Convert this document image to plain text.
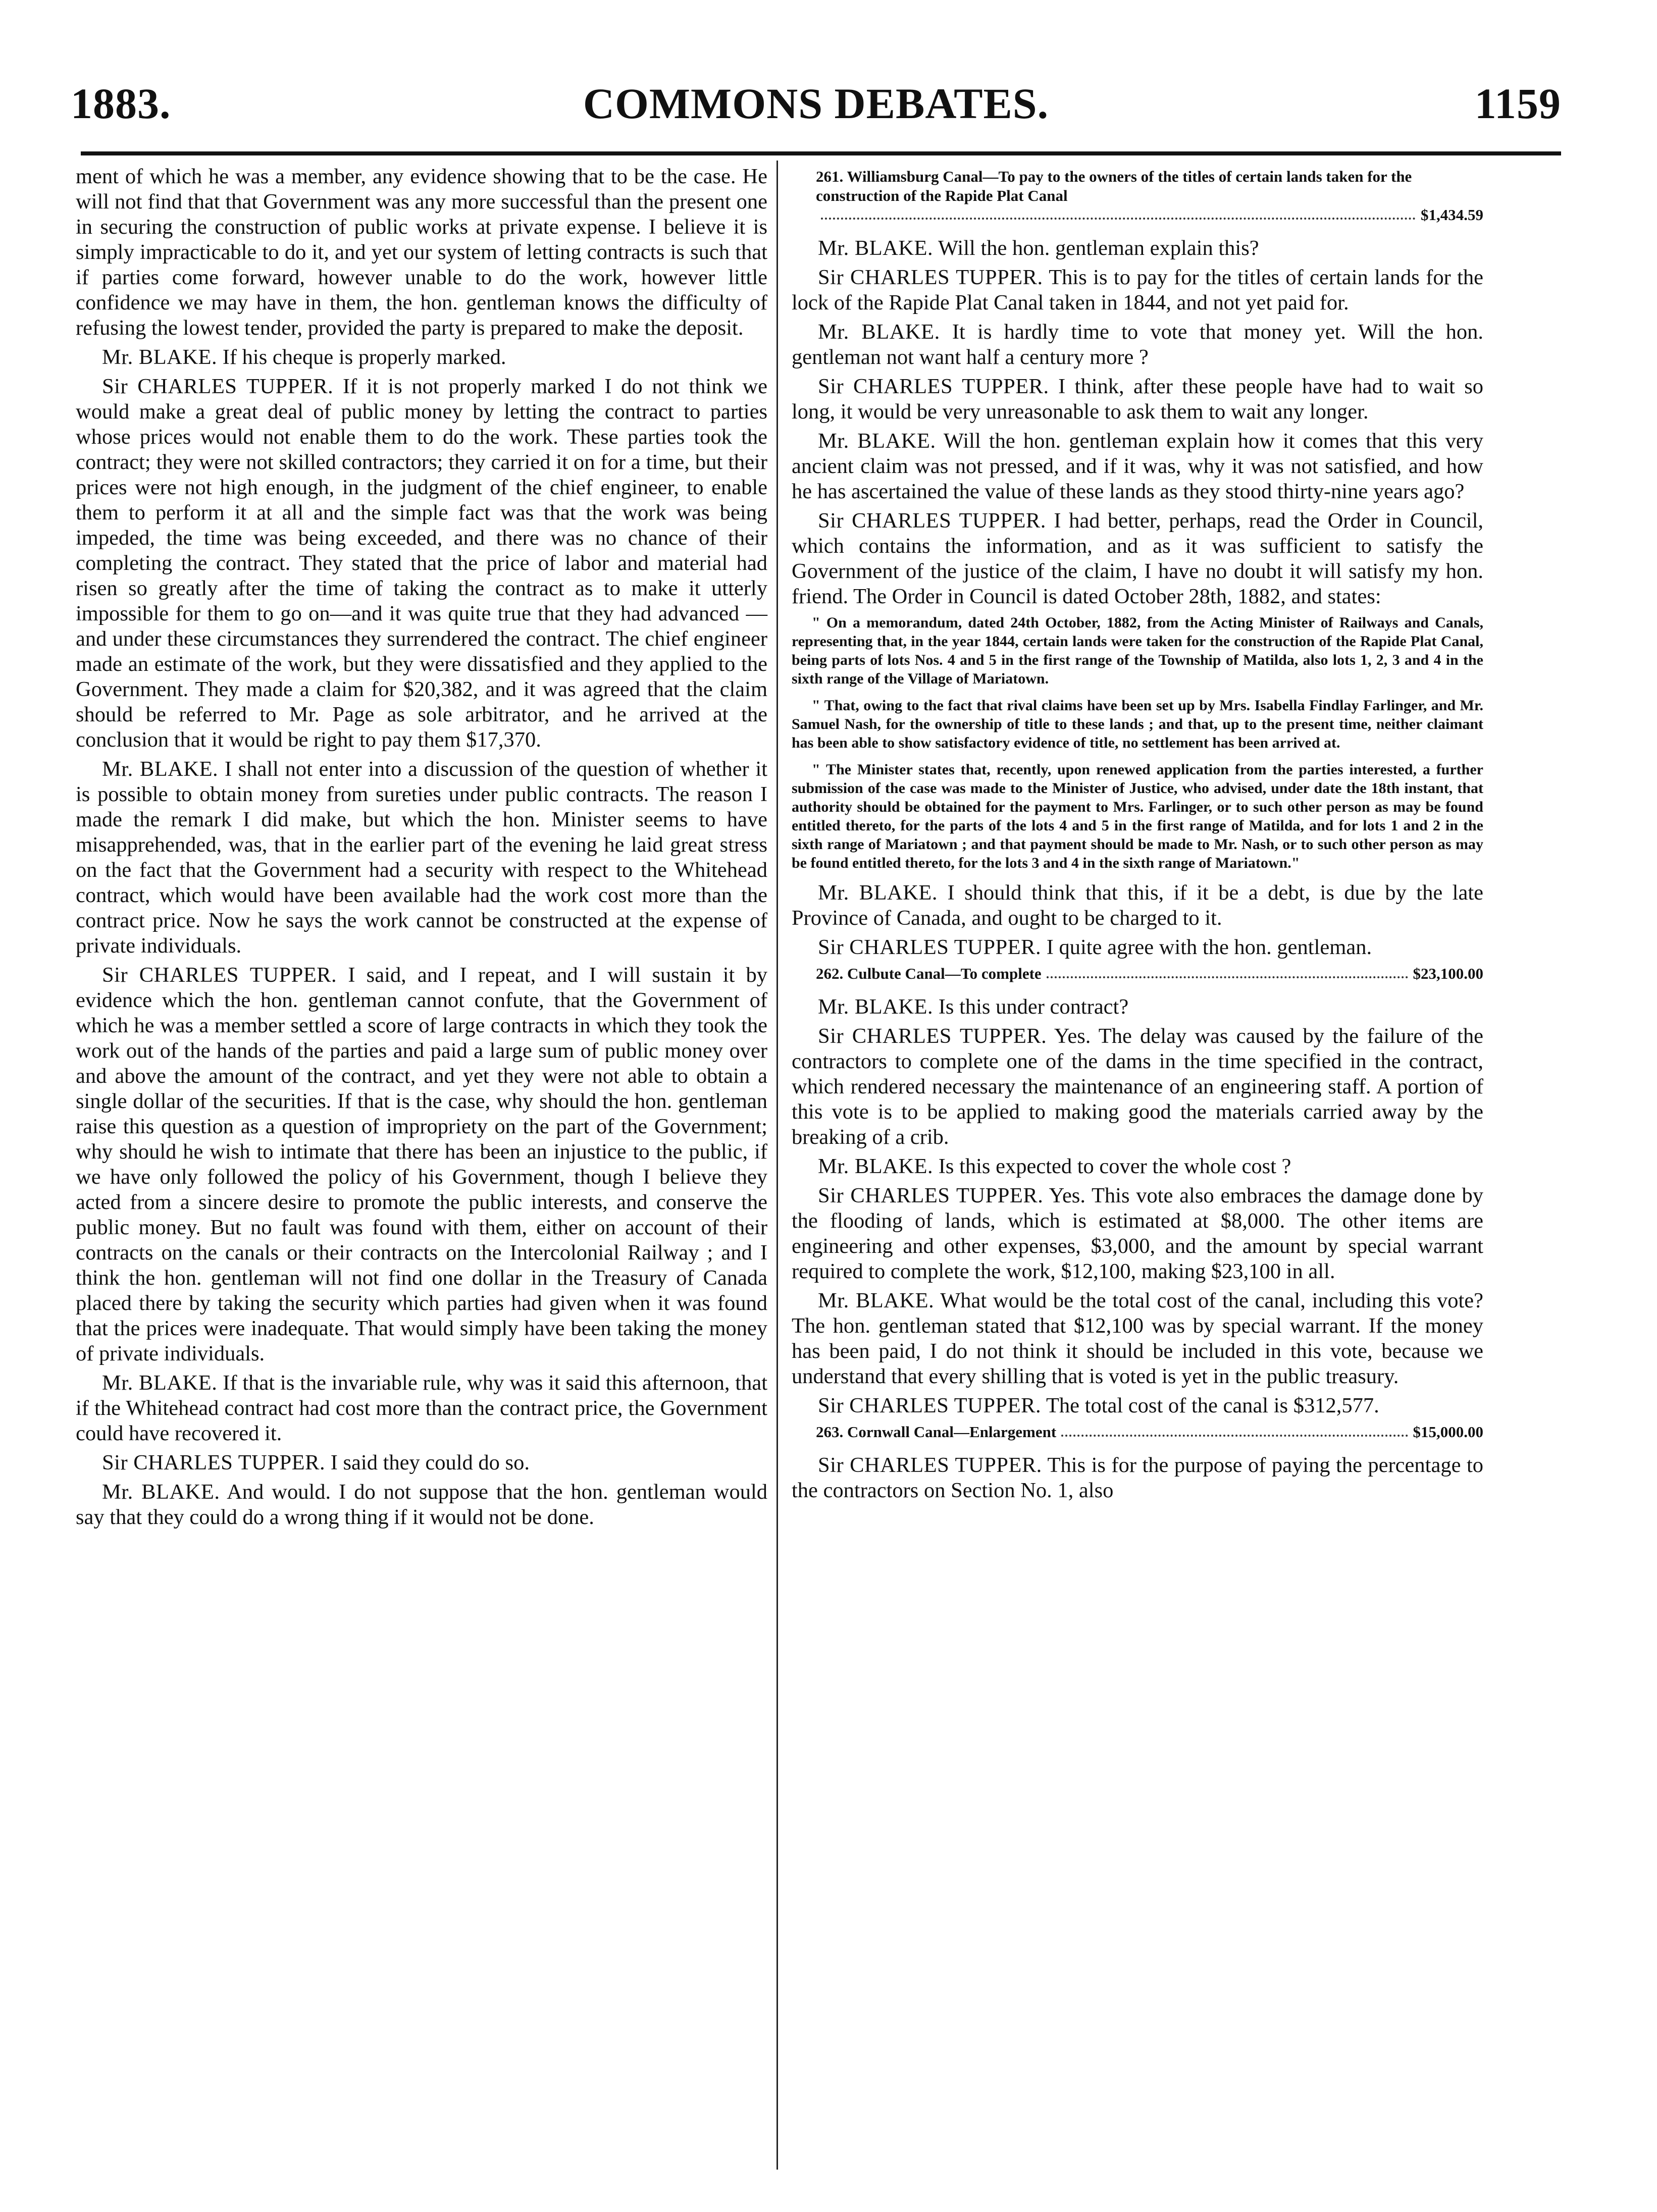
1883.	COMMONS DEBATES.	1159

ment of which he was a member, any evidence showing that to be the case. He will not find that that Government was any more successful than the present one in securing the construction of public works at private expense. I believe it is simply impracticable to do it, and yet our system of letting contracts is such that if parties come forward, however unable to do the work, however little confidence we may have in them, the hon. gentleman knows the difficulty of refusing the lowest tender, provided the party is prepared to make the deposit.

Mr. BLAKE. If his cheque is properly marked.

Sir CHARLES TUPPER. If it is not properly marked I do not think we would make a great deal of public money by letting the contract to parties whose prices would not enable them to do the work. These parties took the contract; they were not skilled contractors; they carried it on for a time, but their prices were not high enough, in the judgment of the chief engineer, to enable them to perform it at all and the simple fact was that the work was being impeded, the time was being exceeded, and there was no chance of their completing the contract. They stated that the price of labor and material had risen so greatly after the time of taking the contract as to make it utterly impossible for them to go on—and it was quite true that they had advanced —and under these circumstances they surrendered the contract. The chief engineer made an estimate of the work, but they were dissatisfied and they applied to the Government. They made a claim for $20,382, and it was agreed that the claim should be referred to Mr. Page as sole arbitrator, and he arrived at the conclusion that it would be right to pay them $17,370.

Mr. BLAKE. I shall not enter into a discussion of the question of whether it is possible to obtain money from sureties under public contracts. The reason I made the remark I did make, but which the hon. Minister seems to have misapprehended, was, that in the earlier part of the evening he laid great stress on the fact that the Government had a security with respect to the Whitehead contract, which would have been available had the work cost more than the contract price. Now he says the work cannot be constructed at the expense of private individuals.

Sir CHARLES TUPPER. I said, and I repeat, and I will sustain it by evidence which the hon. gentleman cannot confute, that the Government of which he was a member settled a score of large contracts in which they took the work out of the hands of the parties and paid a large sum of public money over and above the amount of the contract, and yet they were not able to obtain a single dollar of the securities. If that is the case, why should the hon. gentleman raise this question as a question of impropriety on the part of the Government; why should he wish to intimate that there has been an injustice to the public, if we have only followed the policy of his Government, though I believe they acted from a sincere desire to promote the public interests, and conserve the public money. But no fault was found with them, either on account of their contracts on the canals or their contracts on the Intercolonial Railway ; and I think the hon. gentleman will not find one dollar in the Treasury of Canada placed there by taking the security which parties had given when it was found that the prices were inadequate. That would simply have been taking the money of private individuals.

Mr. BLAKE. If that is the invariable rule, why was it said this afternoon, that if the Whitehead contract had cost more than the contract price, the Government could have recovered it.

Sir CHARLES TUPPER. I said they could do so.

Mr. BLAKE. And would. I do not suppose that the hon. gentleman would say that they could do a wrong thing if it would not be done.

261. Williamsburg Canal—To pay to the owners of the titles of certain lands taken for the construction of the Rapide Plat Canal
$1,434.59

Mr. BLAKE. Will the hon. gentleman explain this?

Sir CHARLES TUPPER. This is to pay for the titles of certain lands for the lock of the Rapide Plat Canal taken in 1844, and not yet paid for.

Mr. BLAKE. It is hardly time to vote that money yet. Will the hon. gentleman not want half a century more ?

Sir CHARLES TUPPER. I think, after these people have had to wait so long, it would be very unreasonable to ask them to wait any longer.

Mr. BLAKE. Will the hon. gentleman explain how it comes that this very ancient claim was not pressed, and if it was, why it was not satisfied, and how he has ascertained the value of these lands as they stood thirty-nine years ago?

Sir CHARLES TUPPER. I had better, perhaps, read the Order in Council, which contains the information, and as it was sufficient to satisfy the Government of the justice of the claim, I have no doubt it will satisfy my hon. friend. The Order in Council is dated October 28th, 1882, and states:

" On a memorandum, dated 24th October, 1882, from the Acting Minister of Railways and Canals, representing that, in the year 1844, certain lands were taken for the construction of the Rapide Plat Canal, being parts of lots Nos. 4 and 5 in the first range of the Township of Matilda, also lots 1, 2, 3 and 4 in the sixth range of the Village of Mariatown.

" That, owing to the fact that rival claims have been set up by Mrs. Isabella Findlay Farlinger, and Mr. Samuel Nash, for the ownership of title to these lands ; and that, up to the present time, neither claimant has been able to show satisfactory evidence of title, no settlement has been arrived at.

" The Minister states that, recently, upon renewed application from the parties interested, a further submission of the case was made to the Minister of Justice, who advised, under date the 18th instant, that authority should be obtained for the payment to Mrs. Farlinger, or to such other person as may be found entitled thereto, for the parts of the lots 4 and 5 in the first range of Matilda, and for lots 1 and 2 in the sixth range of Mariatown ; and that payment should be made to Mr. Nash, or to such other person as may be found entitled thereto, for the lots 3 and 4 in the sixth range of Mariatown."

Mr. BLAKE. I should think that this, if it be a debt, is due by the late Province of Canada, and ought to be charged to it.

Sir CHARLES TUPPER. I quite agree with the hon. gentleman.

262. Culbute Canal—To complete	$23,100.00

Mr. BLAKE. Is this under contract?

Sir CHARLES TUPPER. Yes. The delay was caused by the failure of the contractors to complete one of the dams in the time specified in the contract, which rendered necessary the maintenance of an engineering staff. A portion of this vote is to be applied to making good the materials carried away by the breaking of a crib.

Mr. BLAKE. Is this expected to cover the whole cost ?

Sir CHARLES TUPPER. Yes. This vote also embraces the damage done by the flooding of lands, which is estimated at $8,000. The other items are engineering and other expenses, $3,000, and the amount by special warrant required to complete the work, $12,100, making $23,100 in all.

Mr. BLAKE. What would be the total cost of the canal, including this vote? The hon. gentleman stated that $12,100 was by special warrant. If the money has been paid, I do not think it should be included in this vote, because we understand that every shilling that is voted is yet in the public treasury.

Sir CHARLES TUPPER. The total cost of the canal is $312,577.

263. Cornwall Canal—Enlargement	$15,000.00

Sir CHARLES TUPPER. This is for the purpose of paying the percentage to the contractors on Section No. 1, also
